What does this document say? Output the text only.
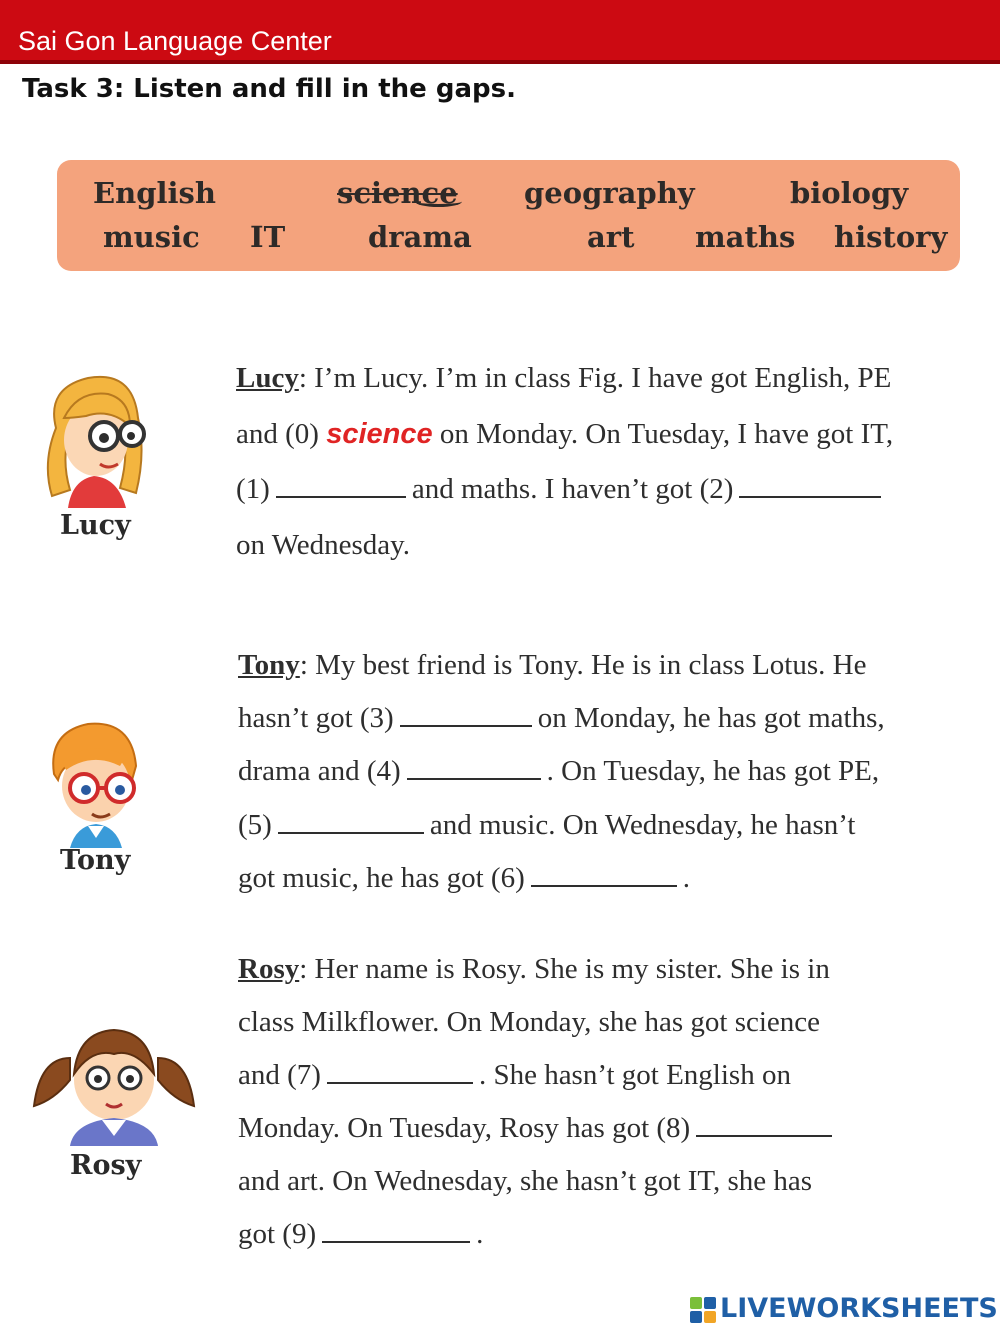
Sai Gon Language Center
Task 3: Listen and fill in the gaps.
English	science geography	biology
music IT	drama	art maths history
Lucy
Lucy: I’m Lucy. I’m in class Fig. I have got English, PE
and (0) science on Monday. On Tuesday, I have got IT,
(1)	and maths. I haven’t got (2)
on Wednesday.
Tony
Tony: My best friend is Tony. He is in class Lotus. He
hasn’t got (3)	on Monday, he has got maths,
drama and (4)	. On Tuesday, he has got PE,
(5)	and music. On Wednesday, he hasn’t
got music, he has got (6)	.
Rosy
Rosy: Her name is Rosy. She is my sister. She is in
class Milkflower. On Monday, she has got science
and (7)	. She hasn’t got English on
Monday. On Tuesday, Rosy has got (8)
and art. On Wednesday, she hasn’t got IT, she has
got (9)	.
LIVEWORKSHEETS
